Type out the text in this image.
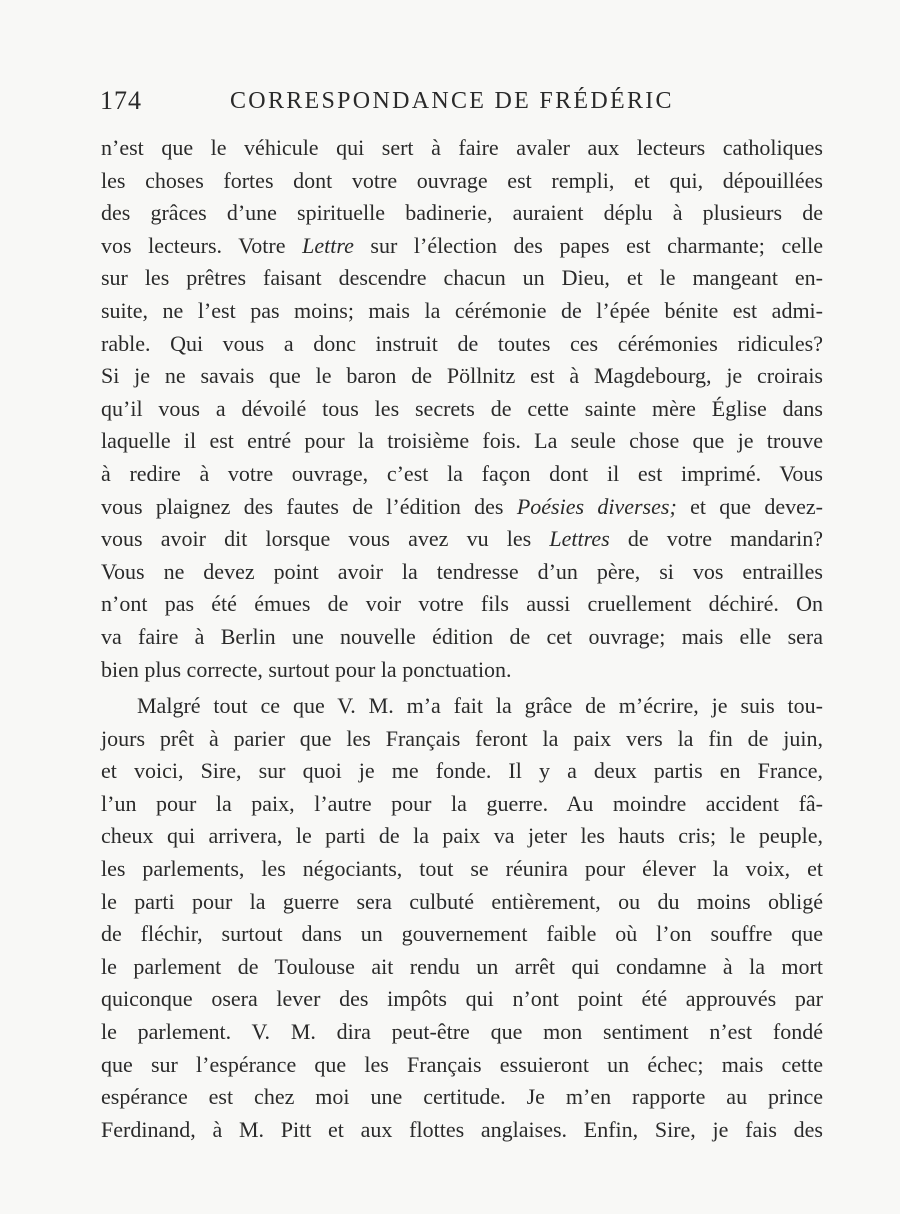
174	CORRESPONDANCE DE FRÉDÉRIC
n’est que le véhicule qui sert à faire avaler aux lecteurs catholiques
les choses fortes dont votre ouvrage est rempli, et qui, dépouillées
des grâces d’une spirituelle badinerie, auraient déplu à plusieurs de
vos lecteurs. Votre Lettre sur l’élection des papes est charmante; celle
sur les prêtres faisant descendre chacun un Dieu, et le mangeant en-
suite, ne l’est pas moins; mais la cérémonie de l’épée bénite est admi-
rable. Qui vous a donc instruit de toutes ces cérémonies ridicules?
Si je ne savais que le baron de Pöllnitz est à Magdebourg, je croirais
qu’il vous a dévoilé tous les secrets de cette sainte mère Église dans
laquelle il est entré pour la troisième fois. La seule chose que je trouve
à redire à votre ouvrage, c’est la façon dont il est imprimé. Vous
vous plaignez des fautes de l’édition des Poésies diverses; et que devez-
vous avoir dit lorsque vous avez vu les Lettres de votre mandarin?
Vous ne devez point avoir la tendresse d’un père, si vos entrailles
n’ont pas été émues de voir votre fils aussi cruellement déchiré. On
va faire à Berlin une nouvelle édition de cet ouvrage; mais elle sera
bien plus correcte, surtout pour la ponctuation.
Malgré tout ce que V. M. m’a fait la grâce de m’écrire, je suis tou-
jours prêt à parier que les Français feront la paix vers la fin de juin,
et voici, Sire, sur quoi je me fonde. Il y a deux partis en France,
l’un pour la paix, l’autre pour la guerre. Au moindre accident fâ-
cheux qui arrivera, le parti de la paix va jeter les hauts cris; le peuple,
les parlements, les négociants, tout se réunira pour élever la voix, et
le parti pour la guerre sera culbuté entièrement, ou du moins obligé
de fléchir, surtout dans un gouvernement faible où l’on souffre que
le parlement de Toulouse ait rendu un arrêt qui condamne à la mort
quiconque osera lever des impôts qui n’ont point été approuvés par
le parlement. V. M. dira peut-être que mon sentiment n’est fondé
que sur l’espérance que les Français essuieront un échec; mais cette
espérance est chez moi une certitude. Je m’en rapporte au prince
Ferdinand, à M. Pitt et aux flottes anglaises. Enfin, Sire, je fais des
